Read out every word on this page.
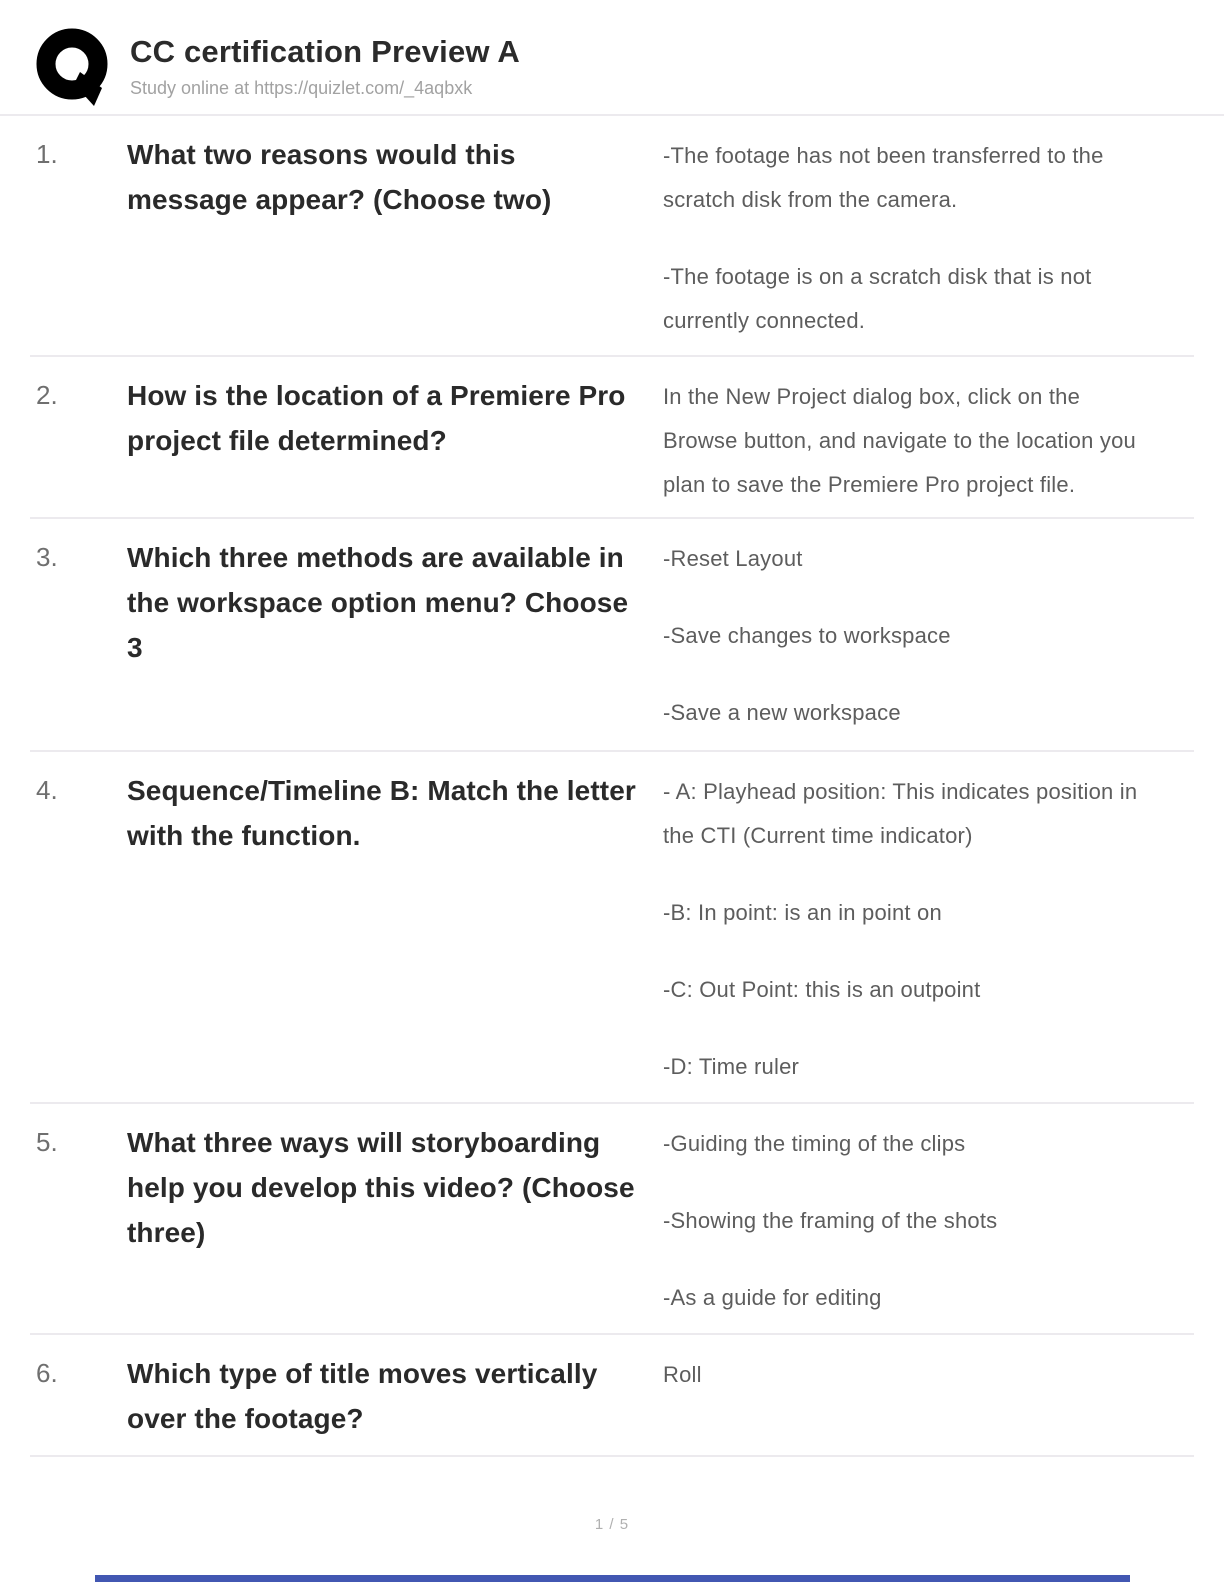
CC certification Preview A
Study online at https://quizlet.com/_4aqbxk
1.	What two reasons would this message appear? (Choose two)

-The footage has not been transferred to the scratch disk from the camera.

-The footage is on a scratch disk that is not currently connected.

2.	How is the location of a Premiere Pro project file determined?

In the New Project dialog box, click on the Browse button, and navigate to the location you plan to save the Premiere Pro project file.

3.	Which three methods are available in the workspace option menu? Choose 3

-Reset Layout

-Save changes to workspace

-Save a new workspace

4.	Sequence/Timeline B: Match the letter with the function.

- A: Playhead position: This indicates position in the CTI (Current time indicator)

-B: In point: is an in point on

-C: Out Point: this is an outpoint

-D: Time ruler

5.	What three ways will storyboarding help you develop this video? (Choose three)

-Guiding the timing of the clips

-Showing the framing of the shots

-As a guide for editing

6.	Which type of title moves vertically over the footage?

Roll

1 / 5
